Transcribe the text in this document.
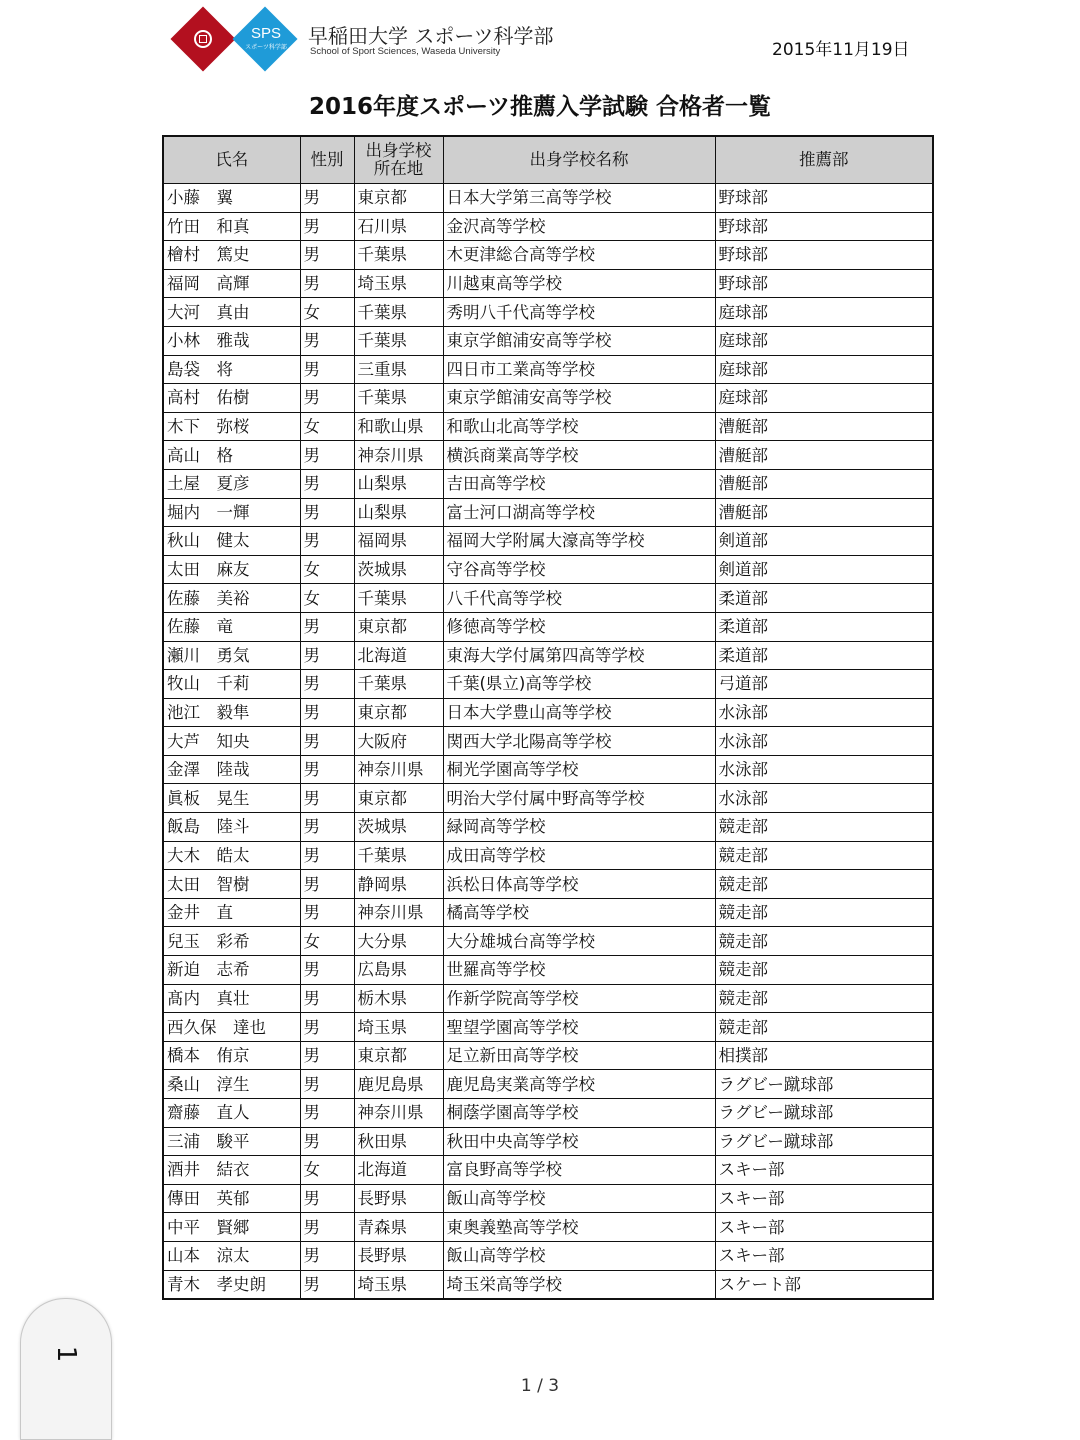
SPS
スポーツ科学部	早稲田大学 スポーツ科学部
School of Sport Sciences, Waseda University	2015年11月19日
2016年度スポーツ推薦入学試験 合格者一覧
氏名	性別	出身学校所在地	出身学校名称	推薦部
小藤　翼	男	東京都	日本大学第三高等学校	野球部
竹田　和真	男	石川県	金沢高等学校	野球部
檜村　篤史	男	千葉県	木更津総合高等学校	野球部
福岡　高輝	男	埼玉県	川越東高等学校	野球部
大河　真由	女	千葉県	秀明八千代高等学校	庭球部
小林　雅哉	男	千葉県	東京学館浦安高等学校	庭球部
島袋　将	男	三重県	四日市工業高等学校	庭球部
高村　佑樹	男	千葉県	東京学館浦安高等学校	庭球部
木下　弥桜	女	和歌山県	和歌山北高等学校	漕艇部
高山　格	男	神奈川県	横浜商業高等学校	漕艇部
土屋　夏彦	男	山梨県	吉田高等学校	漕艇部
堀内　一輝	男	山梨県	富士河口湖高等学校	漕艇部
秋山　健太	男	福岡県	福岡大学附属大濠高等学校	剣道部
太田　麻友	女	茨城県	守谷高等学校	剣道部
佐藤　美裕	女	千葉県	八千代高等学校	柔道部
佐藤　竜	男	東京都	修徳高等学校	柔道部
瀬川　勇気	男	北海道	東海大学付属第四高等学校	柔道部
牧山　千莉	男	千葉県	千葉(県立)高等学校	弓道部
池江　毅隼	男	東京都	日本大学豊山高等学校	水泳部
大芦　知央	男	大阪府	関西大学北陽高等学校	水泳部
金澤　陸哉	男	神奈川県	桐光学園高等学校	水泳部
眞板　晃生	男	東京都	明治大学付属中野高等学校	水泳部
飯島　陸斗	男	茨城県	緑岡高等学校	競走部
大木　皓太	男	千葉県	成田高等学校	競走部
太田　智樹	男	静岡県	浜松日体高等学校	競走部
金井　直	男	神奈川県	橘高等学校	競走部
兒玉　彩希	女	大分県	大分雄城台高等学校	競走部
新迫　志希	男	広島県	世羅高等学校	競走部
髙内　真壮	男	栃木県	作新学院高等学校	競走部
西久保　達也	男	埼玉県	聖望学園高等学校	競走部
橋本　侑京	男	東京都	足立新田高等学校	相撲部
桑山　淳生	男	鹿児島県	鹿児島実業高等学校	ラグビー蹴球部
齋藤　直人	男	神奈川県	桐蔭学園高等学校	ラグビー蹴球部
三浦　駿平	男	秋田県	秋田中央高等学校	ラグビー蹴球部
酒井　結衣	女	北海道	富良野高等学校	スキー部
傳田　英郁	男	長野県	飯山高等学校	スキー部
中平　賢郷	男	青森県	東奥義塾高等学校	スキー部
山本　涼太	男	長野県	飯山高等学校	スキー部
青木　孝史朗	男	埼玉県	埼玉栄高等学校	スケート部
1 / 3
1
